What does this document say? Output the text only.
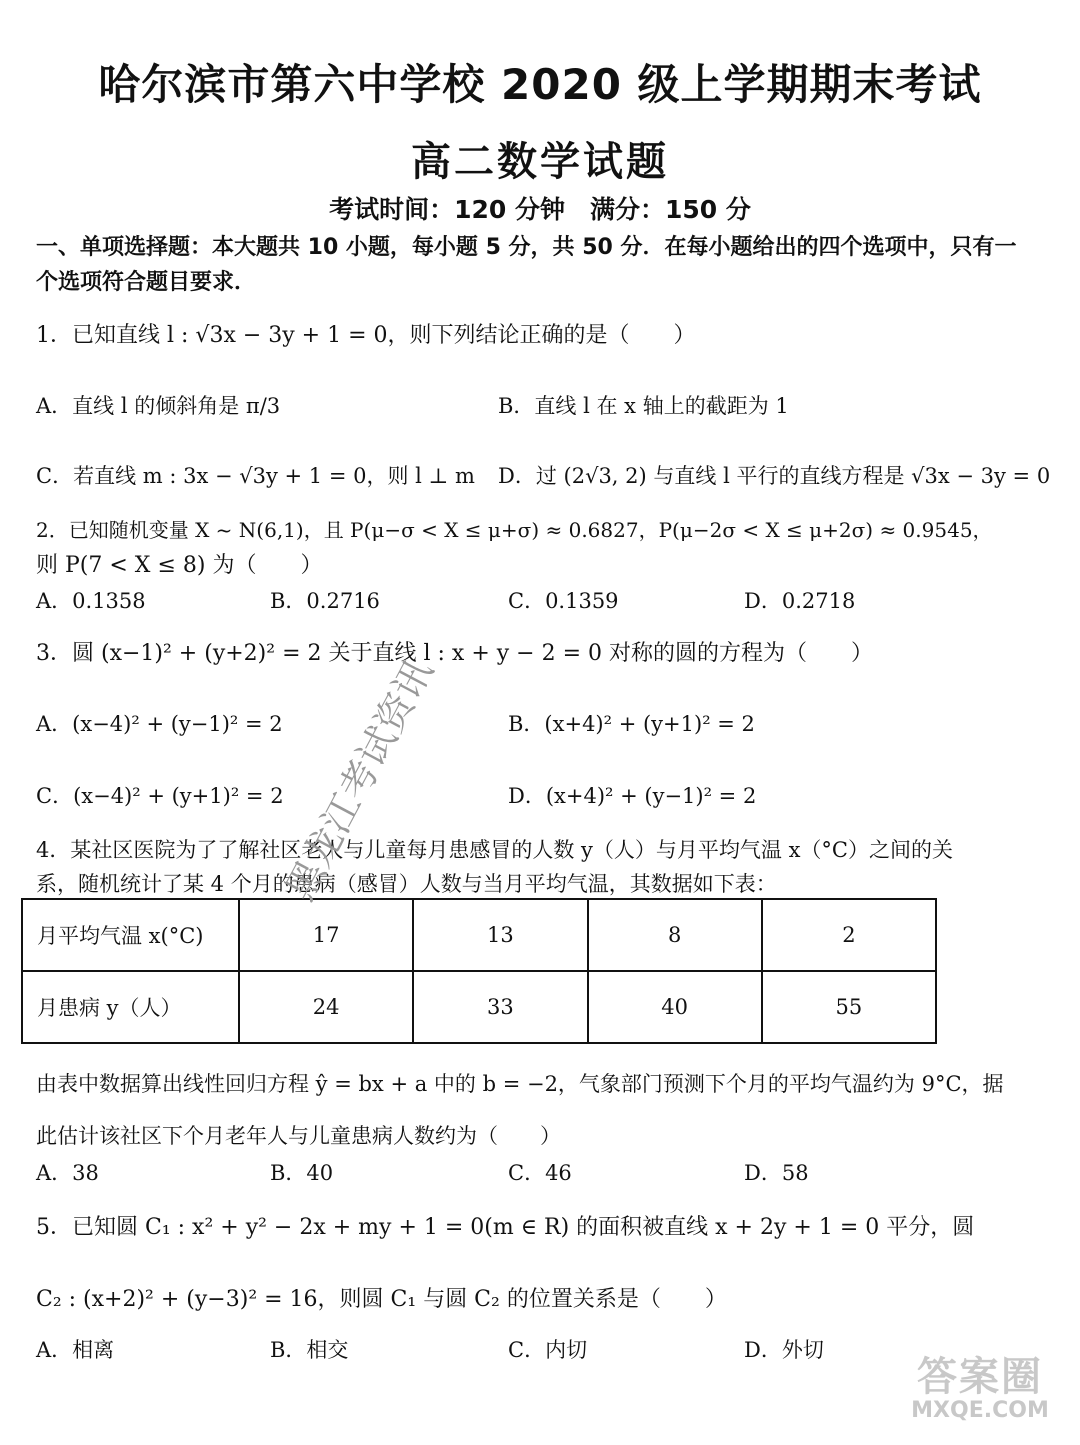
哈尔滨市第六中学校 2020 级上学期期末考试
高二数学试题
考试时间：120 分钟　满分：150 分
一、单项选择题：本大题共 10 小题，每小题 5 分，共 50 分．在每小题给出的四个选项中，只有一
个选项符合题目要求．
1．已知直线 l : √3x − 3y + 1 = 0，则下列结论正确的是（　　）
A．直线 l 的倾斜角是 π/3	B．直线 l 在 x 轴上的截距为 1
C．若直线 m : 3x − √3y + 1 = 0，则 l ⊥ m D．过 (2√3, 2) 与直线 l 平行的直线方程是 √3x − 3y = 0
2．已知随机变量 X ~ N(6,1)，且 P(μ−σ < X ≤ μ+σ) ≈ 0.6827，P(μ−2σ < X ≤ μ+2σ) ≈ 0.9545，
则 P(7 < X ≤ 8) 为（　　）
A．0.1358	B．0.2716	C．0.1359	D．0.2718
3．圆 (x−1)² + (y+2)² = 2 关于直线 l : x + y − 2 = 0 对称的圆的方程为（　　）
A．(x−4)² + (y−1)² = 2	B．(x+4)² + (y+1)² = 2
C．(x−4)² + (y+1)² = 2	D．(x+4)² + (y−1)² = 2
4．某社区医院为了了解社区老人与儿童每月患感冒的人数 y（人）与月平均气温 x（°C）之间的关
系，随机统计了某 4 个月的患病（感冒）人数与当月平均气温，其数据如下表：
月平均气温 x(°C)	17	13	8	2
月患病 y（人）	24	33	40	55
由表中数据算出线性回归方程 ŷ = bx + a 中的 b = −2，气象部门预测下个月的平均气温约为 9°C，据
此估计该社区下个月老年人与儿童患病人数约为（　　）
A．38	B．40	C．46	D．58
5．已知圆 C₁ : x² + y² − 2x + my + 1 = 0(m ∈ R) 的面积被直线 x + 2y + 1 = 0 平分，圆
C₂ : (x+2)² + (y−3)² = 16，则圆 C₁ 与圆 C₂ 的位置关系是（　　）
A．相离	B．相交	C．内切	D．外切
黑龙江考试资讯
答案圈
MXQE.COM
